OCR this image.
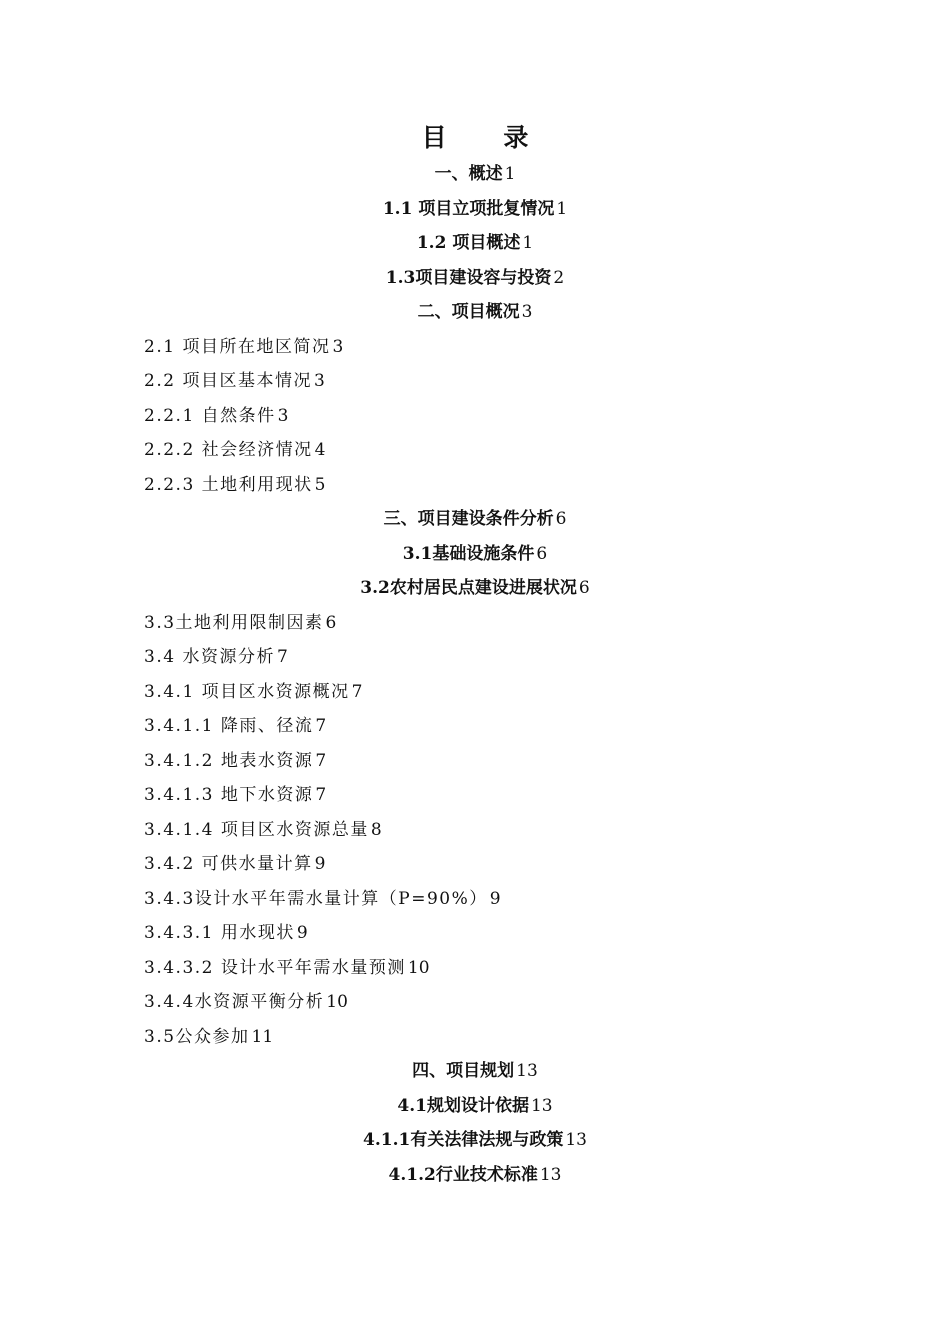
目 录
一、概述 1
1.1 项目立项批复情况 1
1.2 项目概述 1
1.3项目建设容与投资 2
二、项目概况 3
2.1 项目所在地区简况 3
2.2 项目区基本情况 3
2.2.1 自然条件 3
2.2.2 社会经济情况 4
2.2.3 土地利用现状 5
三、项目建设条件分析 6
3.1基础设施条件 6
3.2农村居民点建设进展状况 6
3.3土地利用限制因素 6
3.4 水资源分析 7
3.4.1 项目区水资源概况 7
3.4.1.1 降雨、径流 7
3.4.1.2 地表水资源 7
3.4.1.3 地下水资源 7
3.4.1.4 项目区水资源总量 8
3.4.2 可供水量计算 9
3.4.3设计水平年需水量计算（P=90%） 9
3.4.3.1 用水现状 9
3.4.3.2 设计水平年需水量预测 10
3.4.4水资源平衡分析 10
3.5公众参加 11
四、项目规划 13
4.1规划设计依据 13
4.1.1有关法律法规与政策 13
4.1.2行业技术标准 13
